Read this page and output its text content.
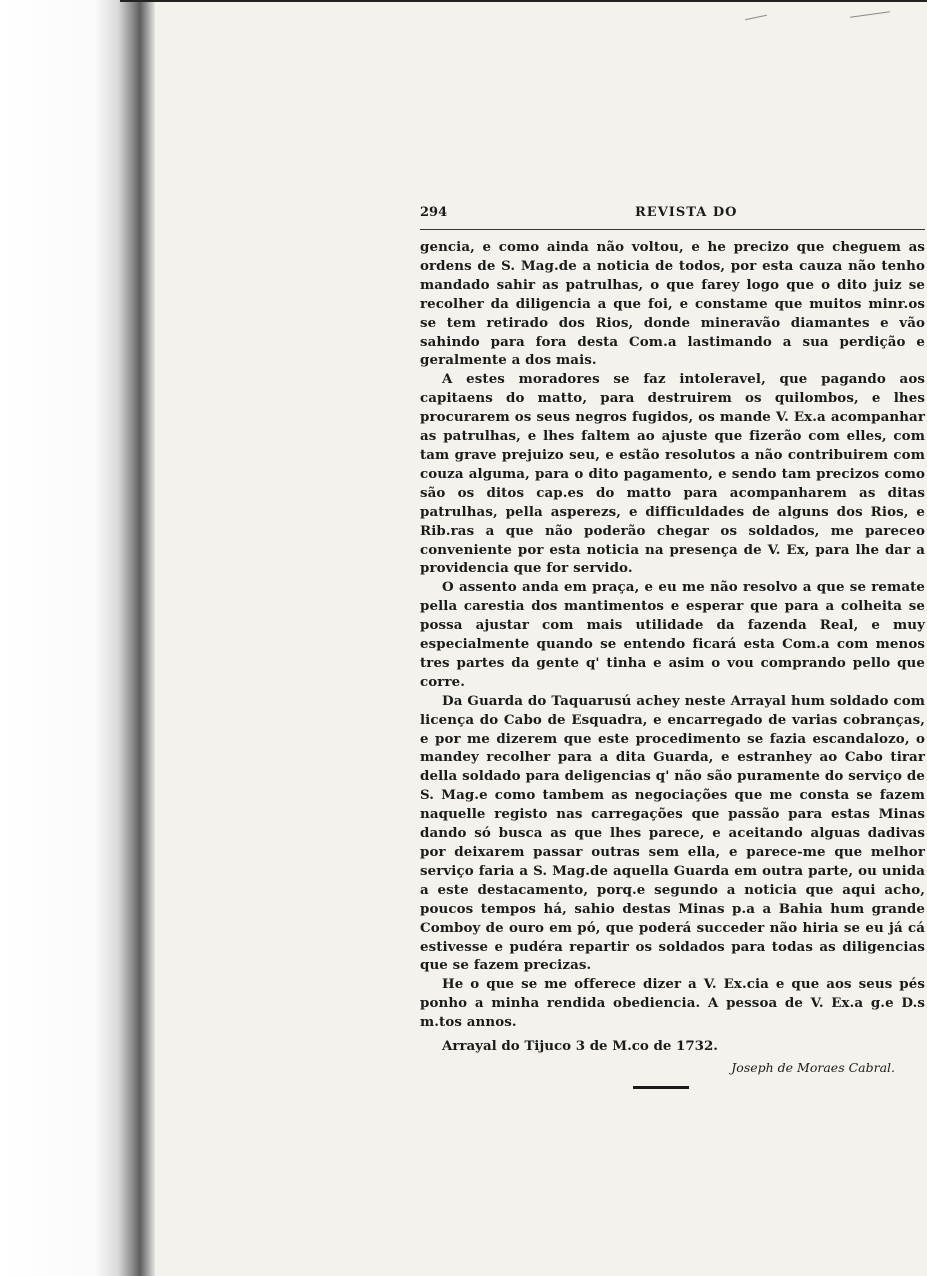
294	REVISTA DO

gencia, e como ainda não voltou, e he precizo que cheguem as ordens de S. Mag.de a noticia de todos, por esta cauza não tenho mandado sahir as patrulhas, o que farey logo que o dito juiz se recolher da diligencia a que foi, e constame que muitos minr.os se tem retirado dos Rios, donde mineravão diamantes e vão sahindo para fora desta Com.a lastimando a sua perdição e geralmente a dos mais.

A estes moradores se faz intoleravel, que pagando aos capitaens do matto, para destruirem os quilombos, e lhes procurarem os seus negros fugidos, os mande V. Ex.a acompanhar as patrulhas, e lhes faltem ao ajuste que fizerão com elles, com tam grave prejuizo seu, e estão resolutos a não contribuirem com couza alguma, para o dito pagamento, e sendo tam precizos como são os ditos cap.es do matto para acompanharem as ditas patrulhas, pella asperezs, e difficuldades de alguns dos Rios, e Rib.ras a que não poderão chegar os soldados, me pareceo conveniente por esta noticia na presença de V. Ex, para lhe dar a providencia que for servido.

O assento anda em praça, e eu me não resolvo a que se remate pella carestia dos mantimentos e esperar que para a colheita se possa ajustar com mais utilidade da fazenda Real, e muy especialmente quando se entendo ficará esta Com.a com menos tres partes da gente q' tinha e asim o vou comprando pello que corre.

Da Guarda do Taquarusú achey neste Arrayal hum soldado com licença do Cabo de Esquadra, e encarregado de varias cobranças, e por me dizerem que este procedimento se fazia escandalozo, o mandey recolher para a dita Guarda, e estranhey ao Cabo tirar della soldado para deligencias q' não são puramente do serviço de S. Mag.e como tambem as negociações que me consta se fazem naquelle registo nas carregações que passão para estas Minas dando só busca as que lhes parece, e aceitando alguas dadivas por deixarem passar outras sem ella, e parece-me que melhor serviço faria a S. Mag.de aquella Guarda em outra parte, ou unida a este destacamento, porq.e segundo a noticia que aqui acho, poucos tempos há, sahio destas Minas p.a a Bahia hum grande Comboy de ouro em pó, que poderá succeder não hiria se eu já cá estivesse e pudéra repartir os soldados para todas as diligencias que se fazem precizas.

He o que se me offerece dizer a V. Ex.cia e que aos seus pés ponho a minha rendida obediencia. A pessoa de V. Ex.a g.e D.s m.tos annos.

Arrayal do Tijuco 3 de M.co de 1732.

Joseph de Moraes Cabral.
